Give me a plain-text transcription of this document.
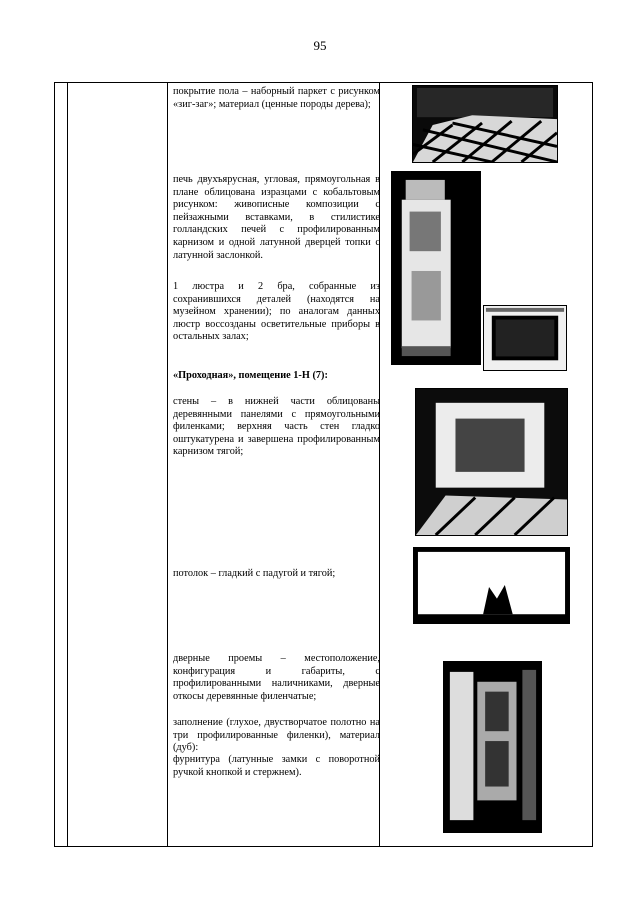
95

покрытие пола – наборный паркет с рисунком «зиг-заг»; материал (ценные породы дерева);

печь двухъярусная, угловая, прямоугольная в плане облицована изразцами с кобальтовым рисунком: живописные композиции с пейзажными вставками, в стилистике голландских печей с профилированным карнизом и одной латунной дверцей топки с латунной заслонкой.

1 люстра и 2 бра, собранные из сохранившихся деталей (находятся на музейном хранении); по аналогам данных люстр воссозданы осветительные приборы в остальных залах;

«Проходная», помещение 1-Н (7):

стены – в нижней части облицованы деревянными панелями с прямоугольными филенками; верхняя часть стен гладко оштукатурена и завершена профилированным карнизом тягой;

потолок – гладкий с падугой и тягой;

дверные проемы – местоположение, конфигурация и габариты, с профилированными наличниками, дверные откосы деревянные филенчатые;

заполнение (глухое, двустворчатое полотно на три профилированные филенки), материал (дуб):

фурнитура (латунные замки с поворотной ручкой кнопкой и стержнем).
